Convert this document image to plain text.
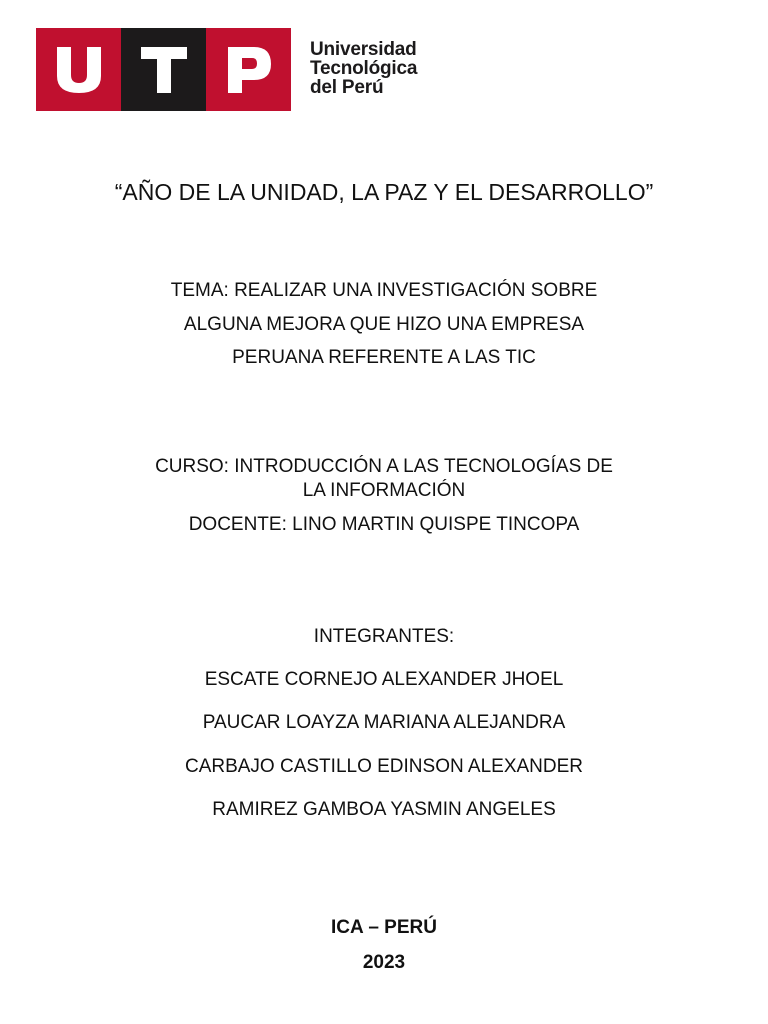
Universidad
Tecnológica
del Perú
“AÑO DE LA UNIDAD, LA PAZ Y EL DESARROLLO”
TEMA: REALIZAR UNA INVESTIGACIÓN SOBRE
ALGUNA MEJORA QUE HIZO UNA EMPRESA
PERUANA REFERENTE A LAS TIC
CURSO: INTRODUCCIÓN A LAS TECNOLOGÍAS DE
LA INFORMACIÓN
DOCENTE: LINO MARTIN QUISPE TINCOPA
INTEGRANTES:
ESCATE CORNEJO ALEXANDER JHOEL
PAUCAR LOAYZA MARIANA ALEJANDRA
CARBAJO CASTILLO EDINSON ALEXANDER
RAMIREZ GAMBOA YASMIN ANGELES
ICA – PERÚ
2023
